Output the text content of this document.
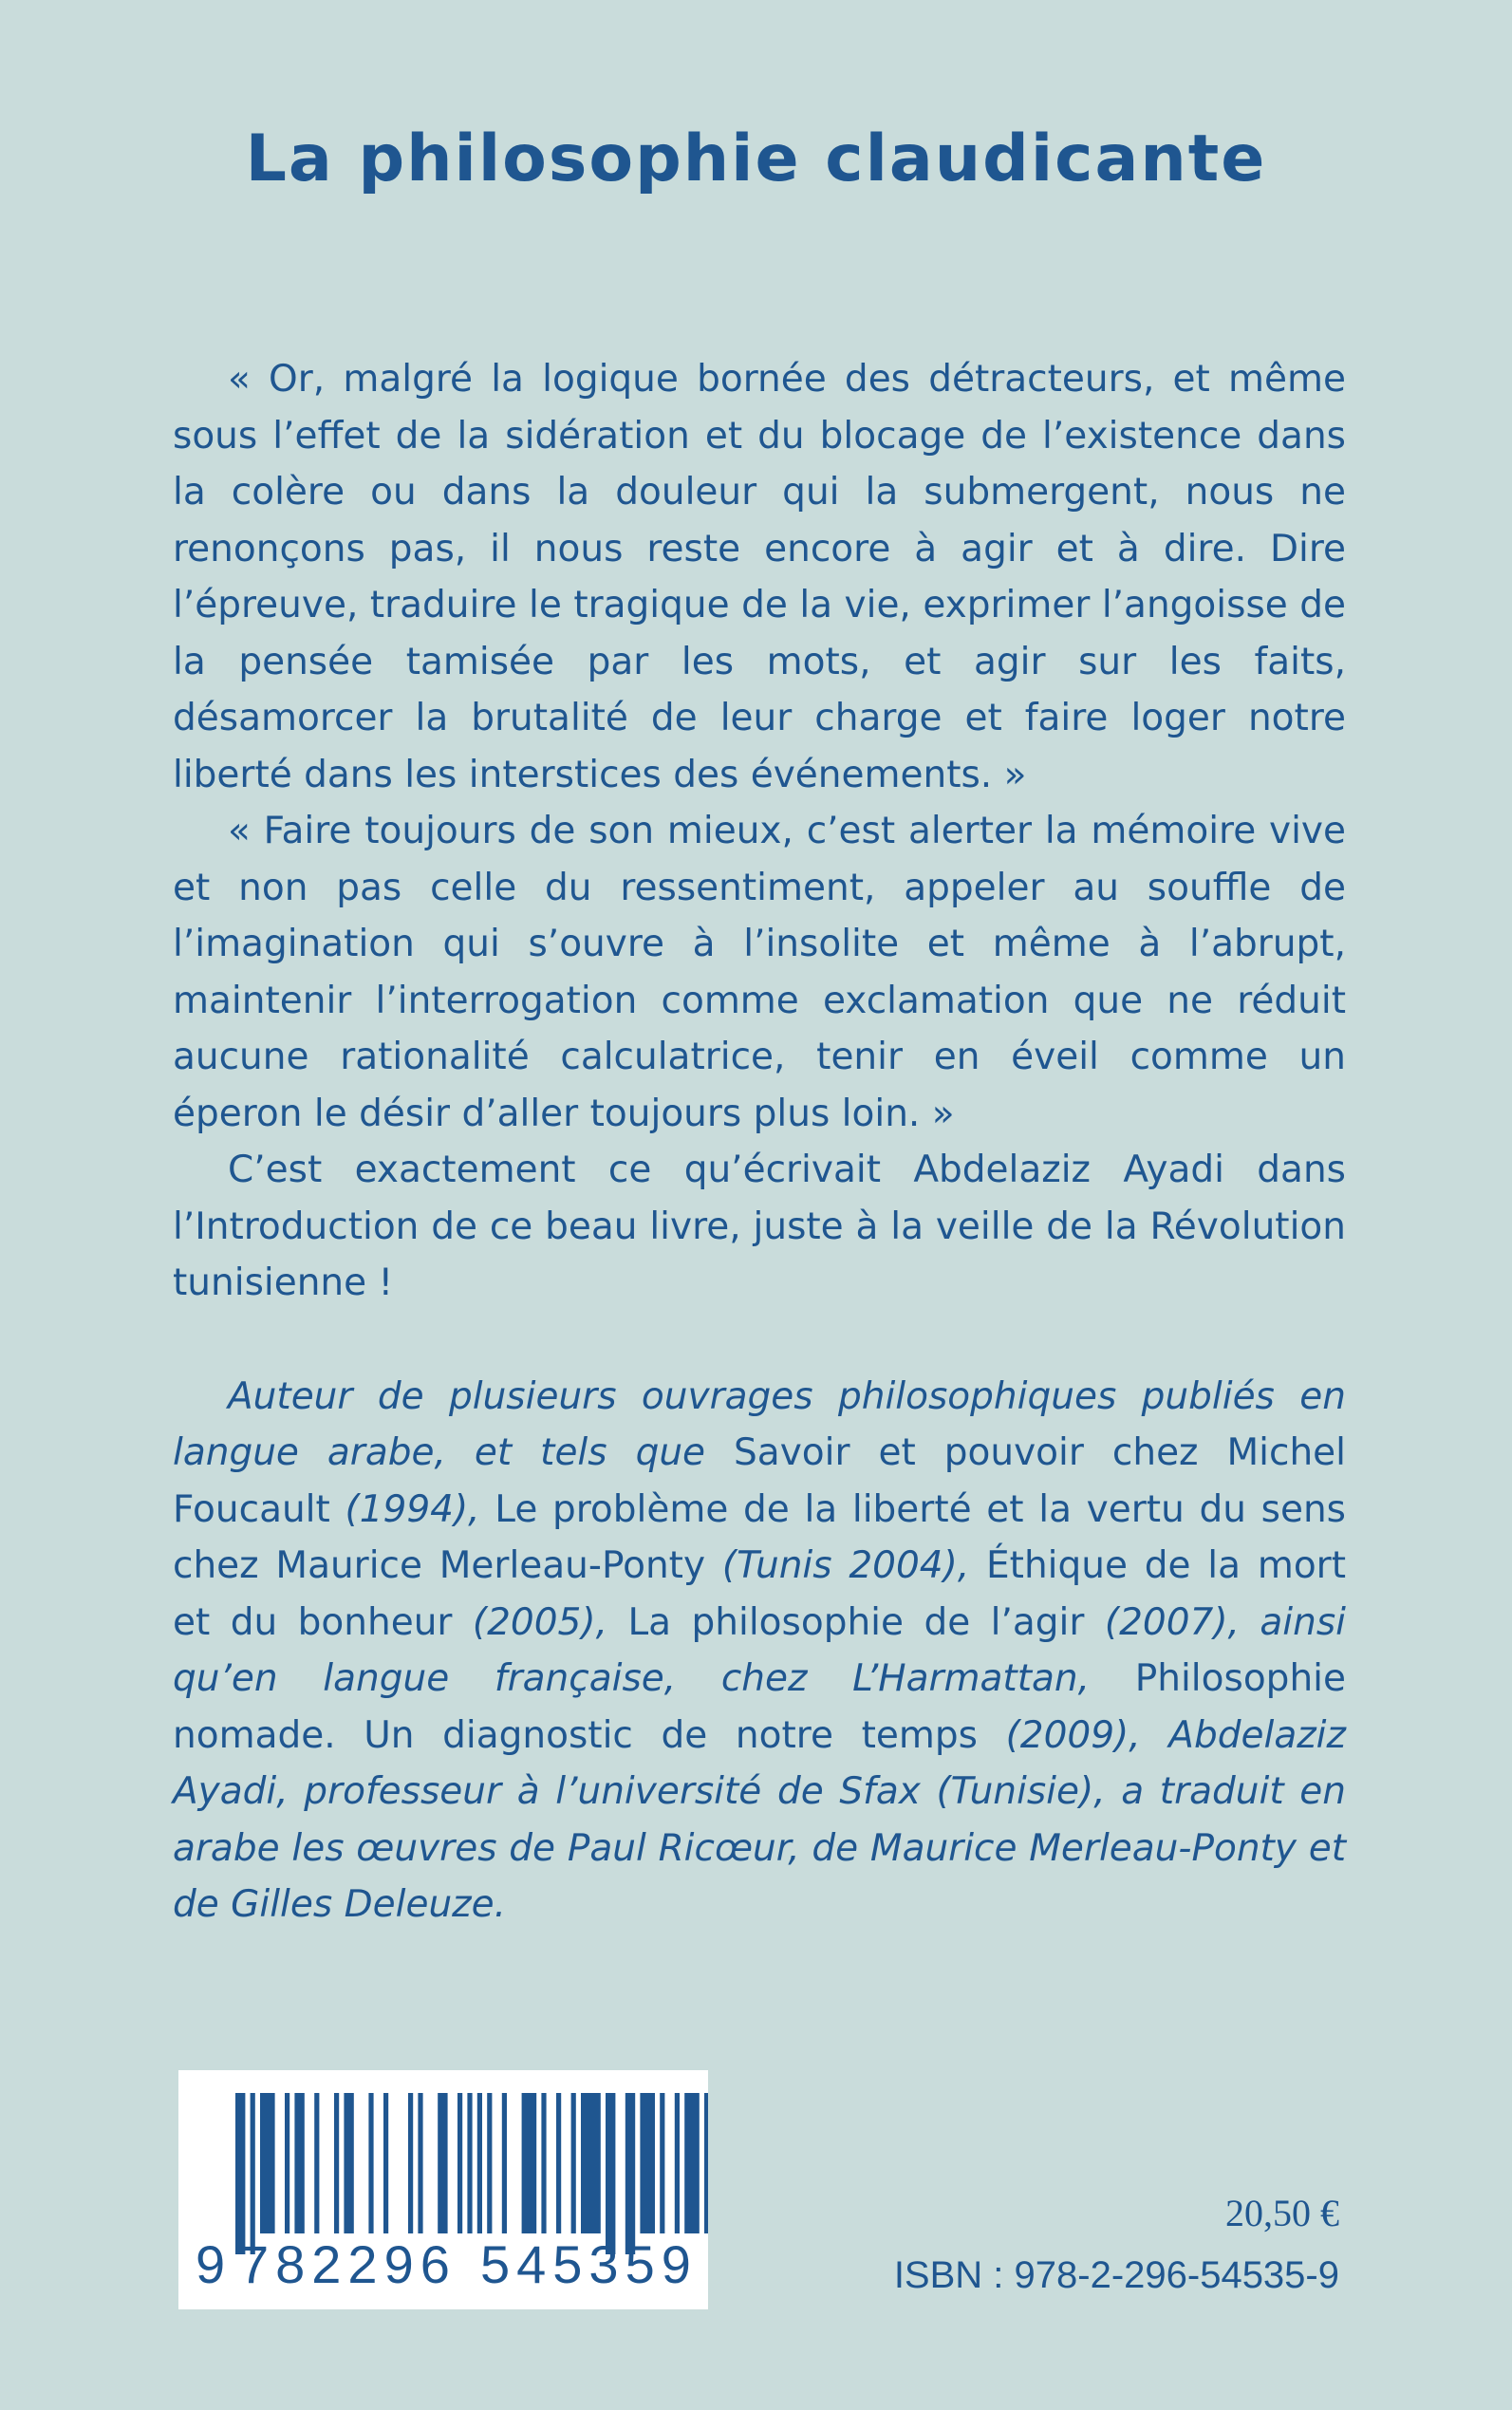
La philosophie claudicante

« Or, malgré la logique bornée des détracteurs, et même sous l’effet de la sidération et du blocage de l’existence dans la colère ou dans la douleur qui la submergent, nous ne renonçons pas, il nous reste encore à agir et à dire. Dire l’épreuve, traduire le tragique de la vie, exprimer l’angoisse de la pensée tamisée par les mots, et agir sur les faits, désamorcer la brutalité de leur charge et faire loger notre liberté dans les interstices des événements. »

« Faire toujours de son mieux, c’est alerter la mémoire vive et non pas celle du ressentiment, appeler au souffle de l’imagination qui s’ouvre à l’insolite et même à l’abrupt, maintenir l’interrogation comme exclamation que ne réduit aucune rationalité calculatrice, tenir en éveil comme un éperon le désir d’aller toujours plus loin. »

C’est exactement ce qu’écrivait Abdelaziz Ayadi dans l’Introduction de ce beau livre, juste à la veille de la Révolution tunisienne !

Auteur de plusieurs ouvrages philosophiques publiés en langue arabe, et tels que Savoir et pouvoir chez Michel Foucault (1994), Le problème de la liberté et la vertu du sens chez Maurice Merleau-Ponty (Tunis 2004), Éthique de la mort et du bonheur (2005), La philosophie de l’agir (2007), ainsi qu’en langue française, chez L’Harmattan, Philosophie nomade. Un diagnostic de notre temps (2009), Abdelaziz Ayadi, professeur à l’université de Sfax (Tunisie), a traduit en arabe les œuvres de Paul Ricœur, de Maurice Merleau-Ponty et de Gilles Deleuze.

9 782296 545359
20,50 €
ISBN : 978-2-296-54535-9
